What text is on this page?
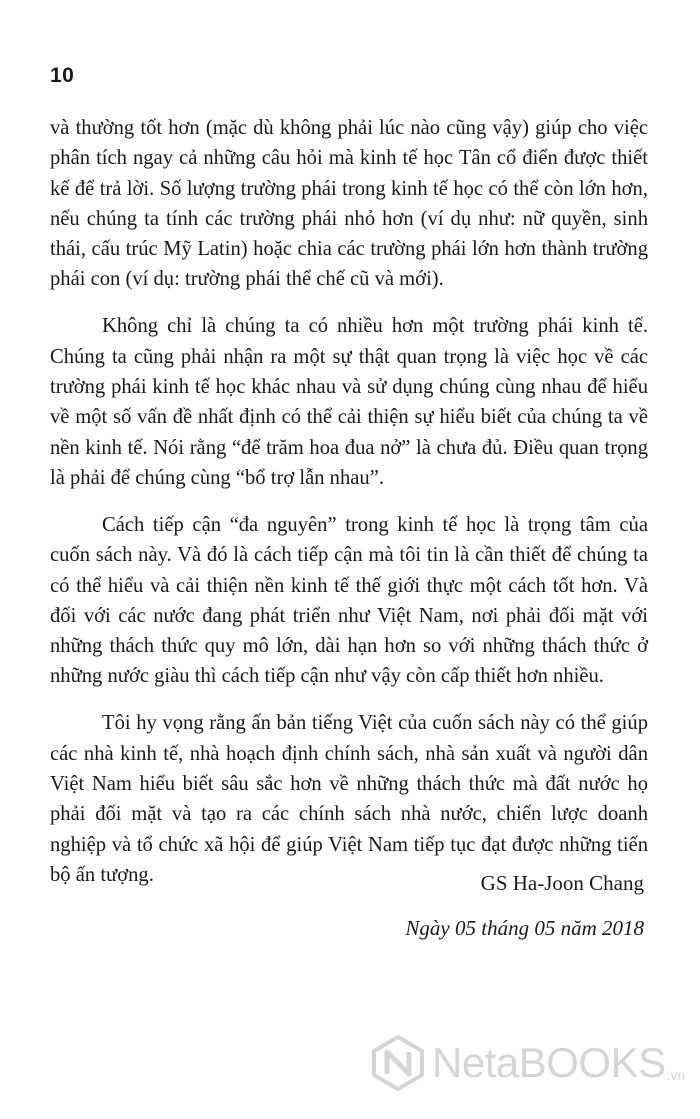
10

và thường tốt hơn (mặc dù không phải lúc nào cũng vậy) giúp cho việc phân tích ngay cả những câu hỏi mà kinh tế học Tân cổ điển được thiết kế để trả lời. Số lượng trường phái trong kinh tế học có thể còn lớn hơn, nếu chúng ta tính các trường phái nhỏ hơn (ví dụ như: nữ quyền, sinh thái, cấu trúc Mỹ Latin) hoặc chia các trường phái lớn hơn thành trường phái con (ví dụ: trường phái thể chế cũ và mới).

Không chỉ là chúng ta có nhiều hơn một trường phái kinh tế. Chúng ta cũng phải nhận ra một sự thật quan trọng là việc học về các trường phái kinh tế học khác nhau và sử dụng chúng cùng nhau để hiểu về một số vấn đề nhất định có thể cải thiện sự hiểu biết của chúng ta về nền kinh tế. Nói rằng “để trăm hoa đua nở” là chưa đủ. Điều quan trọng là phải để chúng cùng “bổ trợ lẫn nhau”.

Cách tiếp cận “đa nguyên” trong kinh tế học là trọng tâm của cuốn sách này. Và đó là cách tiếp cận mà tôi tin là cần thiết để chúng ta có thể hiểu và cải thiện nền kinh tế thế giới thực một cách tốt hơn. Và đối với các nước đang phát triển như Việt Nam, nơi phải đối mặt với những thách thức quy mô lớn, dài hạn hơn so với những thách thức ở những nước giàu thì cách tiếp cận như vậy còn cấp thiết hơn nhiều.

Tôi hy vọng rằng ấn bản tiếng Việt của cuốn sách này có thể giúp các nhà kinh tế, nhà hoạch định chính sách, nhà sản xuất và người dân Việt Nam hiểu biết sâu sắc hơn về những thách thức mà đất nước họ phải đối mặt và tạo ra các chính sách nhà nước, chiến lược doanh nghiệp và tổ chức xã hội để giúp Việt Nam tiếp tục đạt được những tiến bộ ấn tượng.	GS Ha-Joon Chang
Ngày 05 tháng 05 năm 2018
NetaBOOKS .vn
